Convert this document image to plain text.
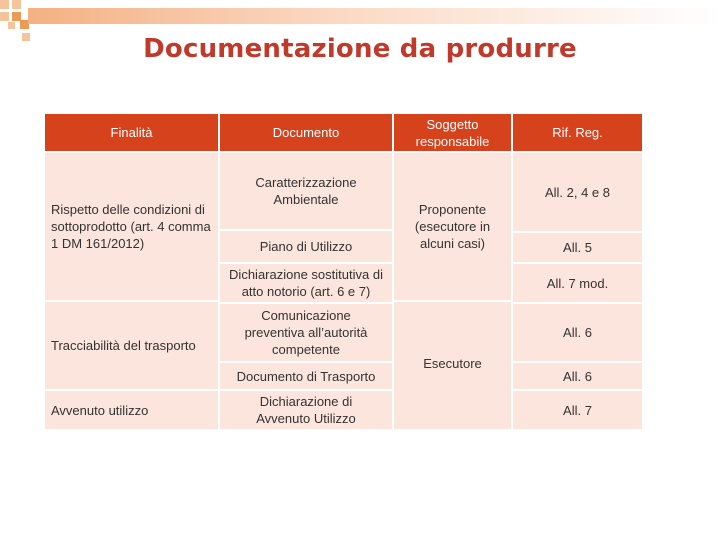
Documentazione da produrre
Finalità	Documento
Soggetto
responsabile
Rif. Reg.
Rispetto delle condizioni di sottoprodotto (art. 4 comma 1 DM 161/2012)
Tracciabilità del trasporto
Avvenuto utilizzo
Caratterizzazione Ambientale
Piano di Utilizzo
Dichiarazione sostitutiva di atto notorio (art. 6 e 7)
Comunicazione preventiva all’autorità competente
Documento di Trasporto
Dichiarazione di Avvenuto Utilizzo
Proponente (esecutore in alcuni casi)
Esecutore
All. 2, 4 e 8
All. 5
All. 7 mod.
All. 6
All. 6
All. 7
